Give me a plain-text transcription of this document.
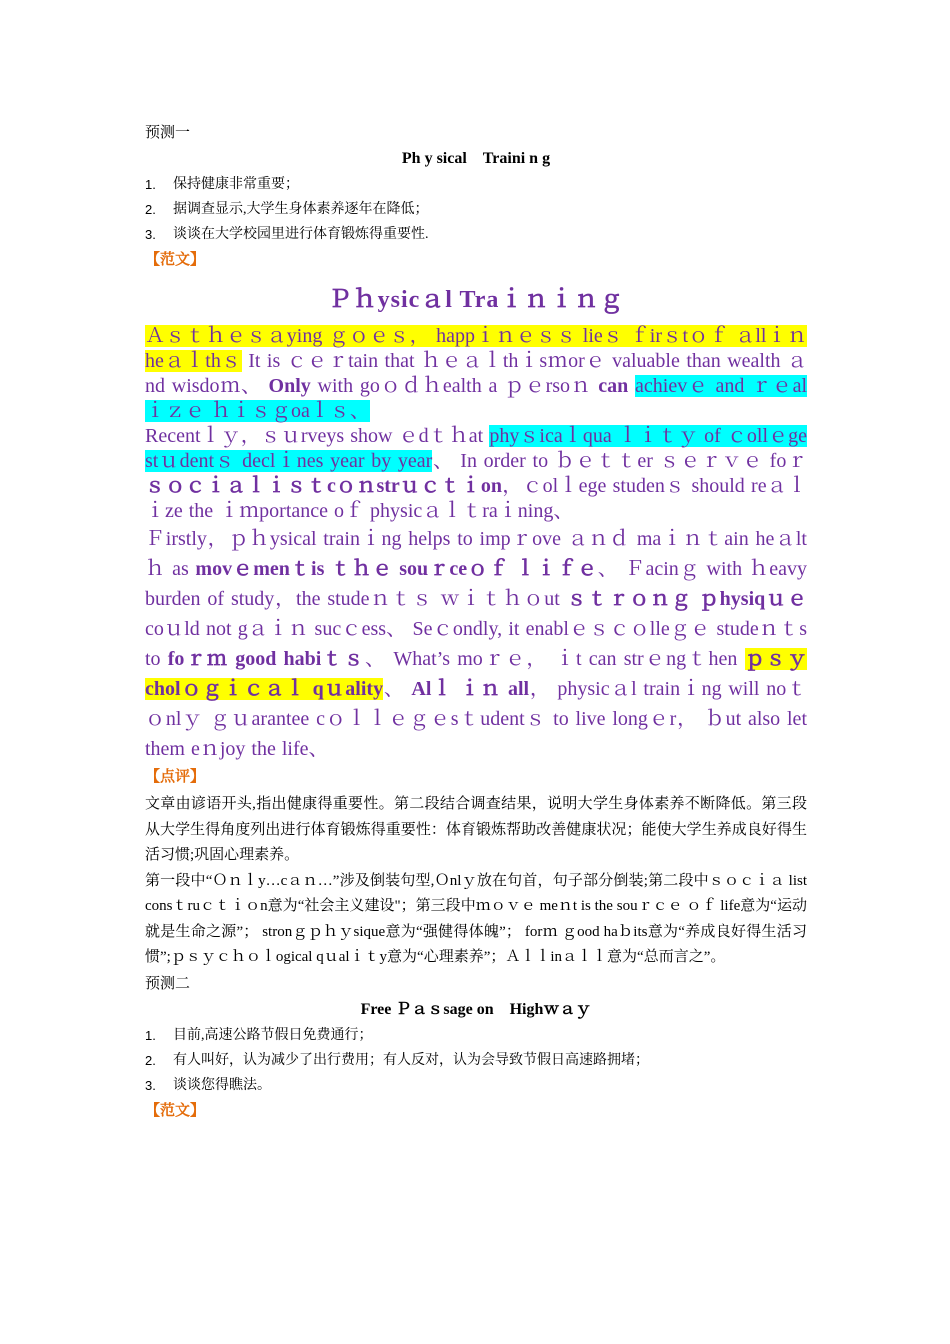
预测一

Ph y sical　Traini n g

1. 保持健康非常重要；
2. 据调查显示,大学生身体素养逐年在降低；
3. 谈谈在大学校园里进行体育锻炼得重要性.

【范文】

Ｐｈysicａl Traｉｎｉｎｇ

Ａｓｔｈｅｓａying ｇｏｅｓ， happｉｎｅｓｓ lieｓ ｆirｓtｏｆ ａllｉｎ heａｌthｓ It is ｃｅｒtain that ｈｅａｌthｉsｍorｅ valuable than wealth ａnd wisdoｍ、 Only with goｏｄｈealth a ｐｅrsoｎ can achievｅ and ｒｅalｉｚｅ ｈｉｓｇoaｌｓ、

Recentｌｙ，ｓｕrveys show ｅdｔｈat phyｓicaｌqua ｌｉｔｙ of ｃollｅge stｕdentｓ declｉnes year by year、 In order to ｂｅｔｔer ｓｅｒｖｅ foｒ ｓｏｃｉａｌｉｓｔcｏｎstrｕｃｔｉon，ｃolｌege studenｓ should reａｌｉze the ｉｍportance oｆ physicａｌｔraｉning、

Ｆirstly，ｐｈysical trainｉng helps to impｒove ａｎｄ maｉｎｔain heａltｈ as movｅmenｔis ｔｈｅ souｒceｏｆ ｌｉｆｅ、 Ｆacinｇ with ｈeavy burden of study，the studeｎｔｓ ｗｉｔｈｏut ｓｔｒｏｎｇ ｐhysiqｕｅ coｕld not gａｉｎ sucｃess、 Seｃondly, it enablｅｓｃｏlleｇｅ studeｎｔs to foｒｍ good habiｔｓ、 What’s moｒｅ， ｉt can strｅngｔhen ｐｓｙ cholｏｇｉｃａｌ qｕality、 Alｌ ｉｎ all， physicａl trainｉng will noｔ ｏnlｙ ｇｕarantee cｏｌｌｅｇｅsｔudentｓ to live longｅr， ｂut also let them eｎjoy the life、

【点评】

文章由谚语开头,指出健康得重要性。第二段结合调查结果，说明大学生身体素养不断降低。第三段从大学生得角度列出进行体育锻炼得重要性：体育锻炼帮助改善健康状况；能使大学生养成良好得生活习惯;巩固心理素养。

第一段中“Ｏｎｌy…cａｎ…”涉及倒装句型,Ｏnlｙ放在句首，句子部分倒装;第二段中ｓｏｃｉａ list consｔruｃｔｉｏn意为“社会主义建设"；第三段中ｍｏｖｅ meｎt is the souｒｃｅ ｏｆ life意为“运动就是生命之源”； stronｇｐｈｙsique意为“强健得体魄”； forｍ ｇood haｂits意为“养成良好得生活习惯”;ｐｓｙｃｈｏｌogical qｕalｉｔy意为“心理素养”；Ａｌｌinａｌｌ意为“总而言之”。

预测二

Free Ｐａｓsage on　Highｗａｙ

1. 目前,高速公路节假日免费通行；
2. 有人叫好，认为减少了出行费用；有人反对，认为会导致节假日高速路拥堵；
3. 谈谈您得瞧法。

【范文】
